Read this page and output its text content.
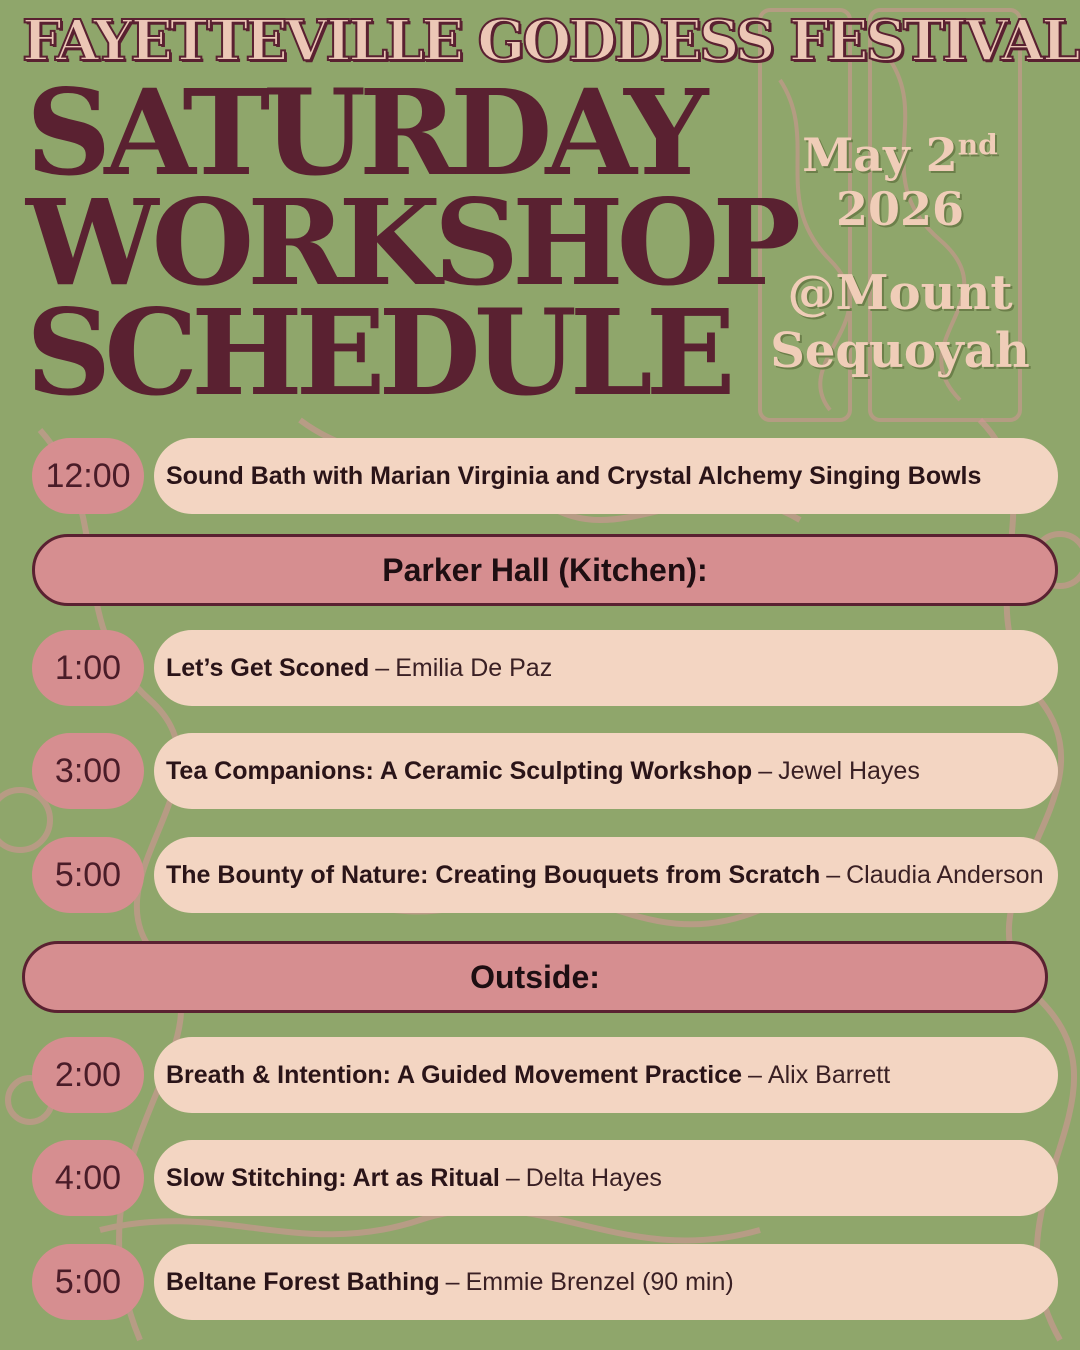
FAYETTEVILLE GODDESS FESTIVAL
SATURDAY
WORKSHOP
SCHEDULE
May 2nd
2026
@Mount
Sequoyah
12:00	Sound Bath with Marian Virginia and Crystal Alchemy Singing Bowls
Parker Hall (Kitchen):
1:00	Let’s Get Sconed – Emilia De Paz
3:00	Tea Companions: A Ceramic Sculpting Workshop – Jewel Hayes
5:00	The Bounty of Nature: Creating Bouquets from Scratch – Claudia Anderson
Outside:
2:00	Breath & Intention: A Guided Movement Practice – Alix Barrett
4:00	Slow Stitching: Art as Ritual – Delta Hayes
5:00	Beltane Forest Bathing – Emmie Brenzel (90 min)
